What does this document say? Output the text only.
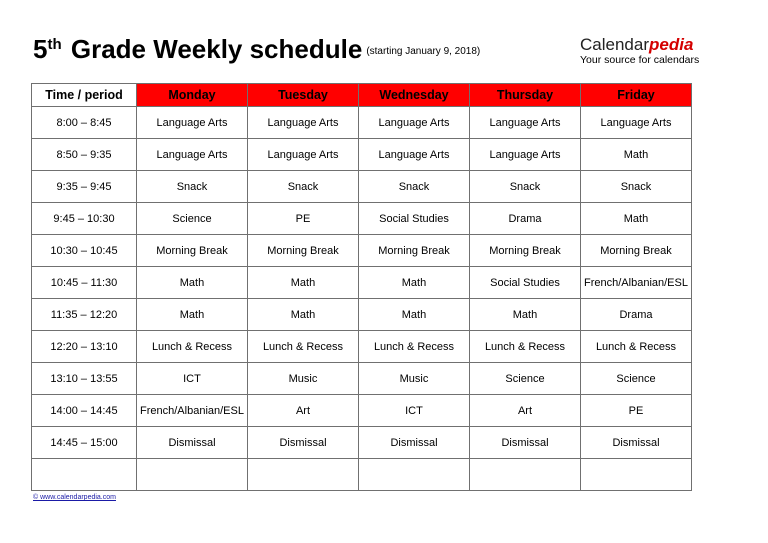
5th Grade Weekly schedule (starting January 9, 2018)	Calendarpedia
Your source for calendars
Time / period	Monday	Tuesday	Wednesday	Thursday	Friday
8:00 – 8:45	Language Arts	Language Arts	Language Arts	Language Arts	Language Arts
8:50 – 9:35	Language Arts	Language Arts	Language Arts	Language Arts	Math
9:35 – 9:45	Snack	Snack	Snack	Snack	Snack
9:45 – 10:30	Science	PE	Social Studies	Drama	Math
10:30 – 10:45	Morning Break	Morning Break	Morning Break	Morning Break	Morning Break
10:45 – 11:30	Math	Math	Math	Social Studies	French/Albanian/ESL
11:35 – 12:20	Math	Math	Math	Math	Drama
12:20 – 13:10	Lunch & Recess	Lunch & Recess	Lunch & Recess	Lunch & Recess	Lunch & Recess
13:10 – 13:55	ICT	Music	Music	Science	Science
14:00 – 14:45	French/Albanian/ESL	Art	ICT	Art	PE
14:45 – 15:00	Dismissal	Dismissal	Dismissal	Dismissal	Dismissal

© www.calendarpedia.com
